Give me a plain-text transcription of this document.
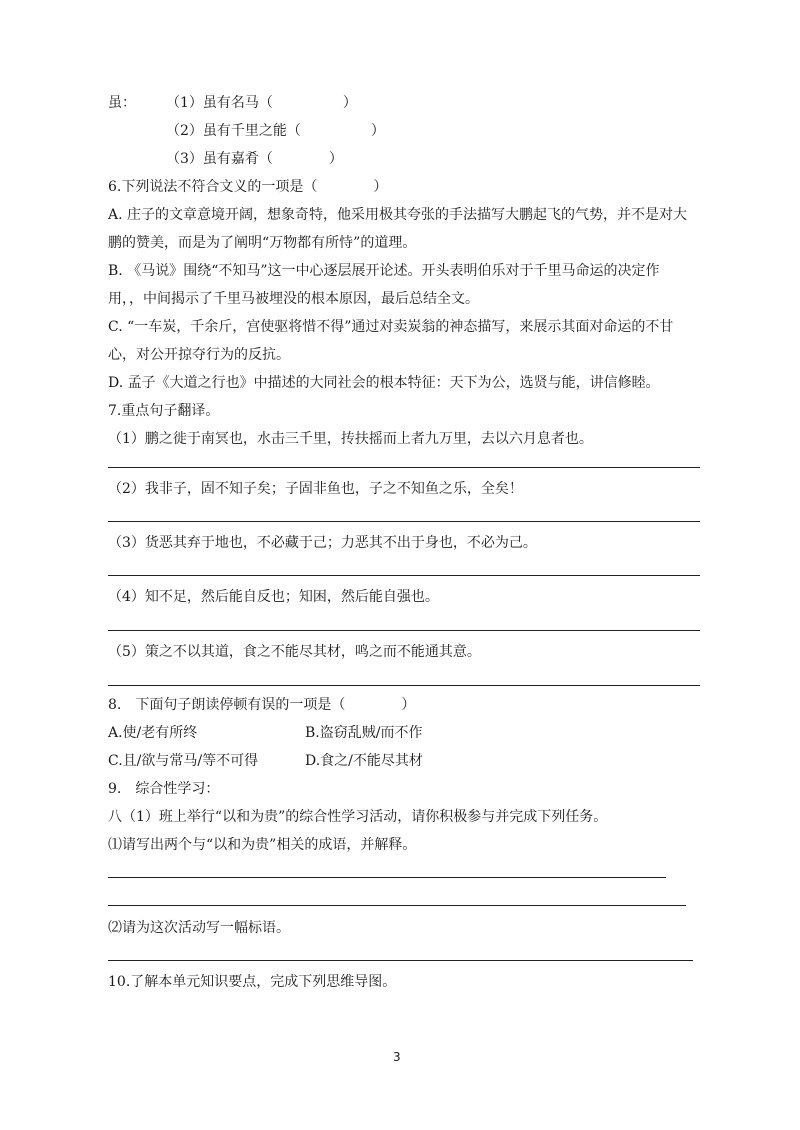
虽： （1）虽有名马（　　　　　）
（2）虽有千里之能（　　　　　）
（3）虽有嘉肴（　　　　）
6.下列说法不符合文义的一项是（　　　　）
A. 庄子的文章意境开阔，想象奇特，他采用极其夸张的手法描写大鹏起飞的气势，并不是对大
鹏的赞美，而是为了阐明“万物都有所恃”的道理。
B. 《马说》围绕“不知马”这一中心逐层展开论述。开头表明伯乐对于千里马命运的决定作
用，，中间揭示了千里马被埋没的根本原因，最后总结全文。
C. “一车炭，千余斤，宫使驱将惜不得”通过对卖炭翁的神态描写，来展示其面对命运的不甘
心，对公开掠夺行为的反抗。
D. 孟子《大道之行也》中描述的大同社会的根本特征：天下为公，选贤与能，讲信修睦。
7.重点句子翻译。
（1）鹏之徙于南冥也，水击三千里，抟扶摇而上者九万里，去以六月息者也。
（2）我非子，固不知子矣；子固非鱼也，子之不知鱼之乐，全矣！
（3）货恶其弃于地也，不必藏于己；力恶其不出于身也，不必为己。
（4）知不足，然后能自反也；知困，然后能自强也。
（5）策之不以其道，食之不能尽其材，鸣之而不能通其意。
8.　下面句子朗读停顿有误的一项是（　　　　）
A.使/老有所终	B.盗窃乱贼/而不作
C.且/欲与常马/等不可得	D.食之/不能尽其材
9.　综合性学习：
八（1）班上举行“以和为贵”的综合性学习活动，请你积极参与并完成下列任务。
⑴请写出两个与“以和为贵”相关的成语，并解释。
⑵请为这次活动写一幅标语。
10.了解本单元知识要点，完成下列思维导图。
3
